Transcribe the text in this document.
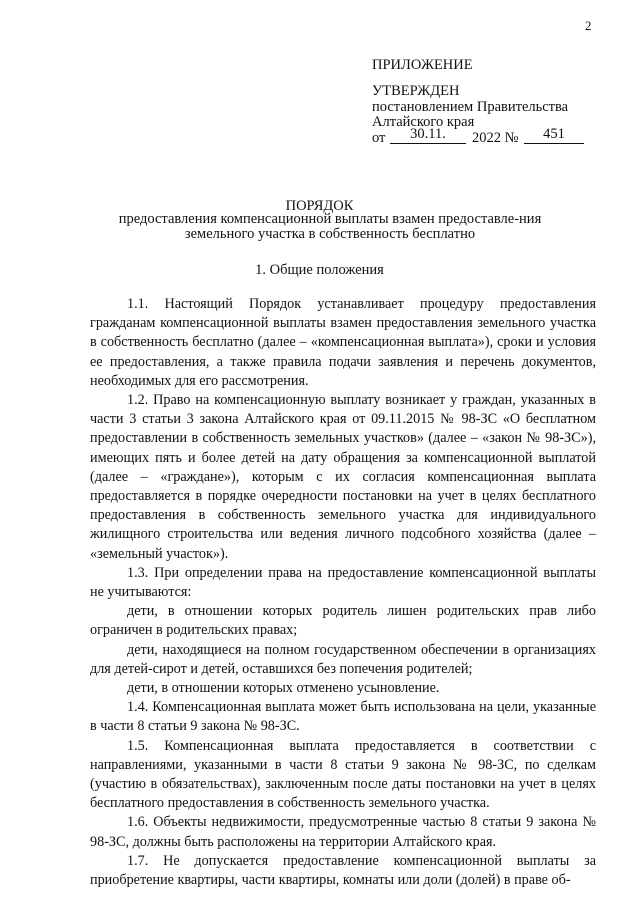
2
ПРИЛОЖЕНИЕ
УТВЕРЖДЕН
постановлением Правительства
Алтайского края
от	30.11.	2022 №	451
ПОРЯДОК
предоставления компенсационной выплаты взамен предоставле-ния земельного участка в собственность бесплатно
1. Общие положения

1.1. Настоящий Порядок устанавливает процедуру предоставления гражданам компенсационной выплаты взамен предоставления земельного участка в собственность бесплатно (далее – «компенсационная выплата»), сроки и условия ее предоставления, а также правила подачи заявления и перечень документов, необходимых для его рассмотрения.

1.2. Право на компенсационную выплату возникает у граждан, указанных в части 3 статьи 3 закона Алтайского края от 09.11.2015 № 98-ЗС «О бесплатном предоставлении в собственность земельных участков» (далее – «закон № 98-ЗС»), имеющих пять и более детей на дату обращения за компенсационной выплатой (далее – «граждане»), которым с их согласия компенсационная выплата предоставляется в порядке очередности постановки на учет в целях бесплатного предоставления в собственность земельного участка для индивидуального жилищного строительства или ведения личного подсобного хозяйства (далее – «земельный участок»).

1.3. При определении права на предоставление компенсационной выплаты не учитываются:

дети, в отношении которых родитель лишен родительских прав либо ограничен в родительских правах;

дети, находящиеся на полном государственном обеспечении в организациях для детей-сирот и детей, оставшихся без попечения родителей;

дети, в отношении которых отменено усыновление.

1.4. Компенсационная выплата может быть использована на цели, указанные в части 8 статьи 9 закона № 98-ЗС.

1.5. Компенсационная выплата предоставляется в соответствии с направлениями, указанными в части 8 статьи 9 закона № 98-ЗС, по сделкам (участию в обязательствах), заключенным после даты постановки на учет в целях бесплатного предоставления в собственность земельного участка.

1.6. Объекты недвижимости, предусмотренные частью 8 статьи 9 закона № 98-ЗС, должны быть расположены на территории Алтайского края.

1.7. Не допускается предоставление компенсационной выплаты за приобретение квартиры, части квартиры, комнаты или доли (долей) в праве об-
